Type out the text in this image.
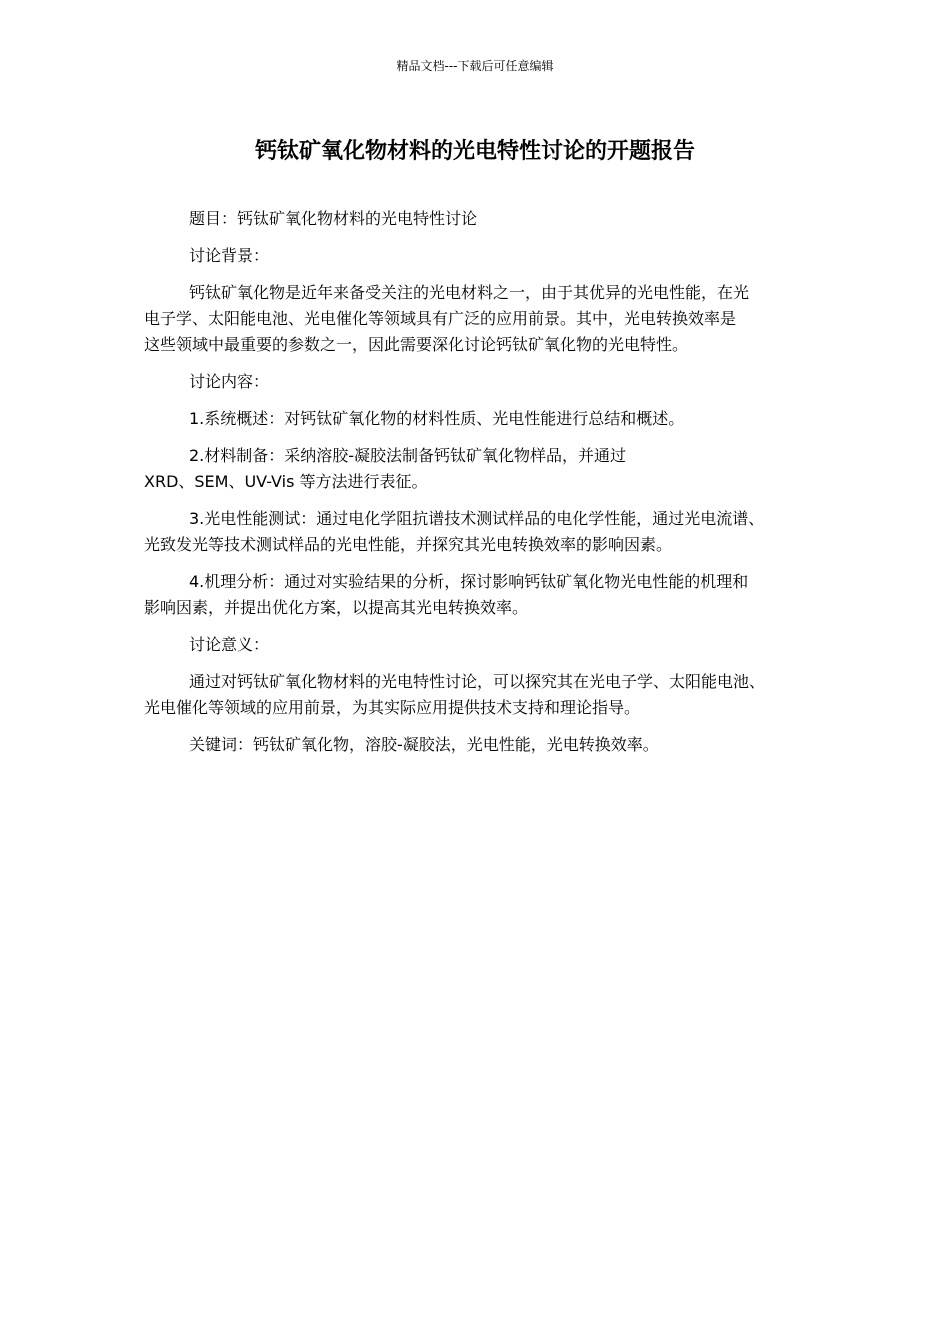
精品文档---下载后可任意编辑
钙钛矿氧化物材料的光电特性讨论的开题报告

题目：钙钛矿氧化物材料的光电特性讨论

讨论背景：

钙钛矿氧化物是近年来备受关注的光电材料之一，由于其优异的光电性能，在光
电子学、太阳能电池、光电催化等领域具有广泛的应用前景。其中，光电转换效率是
这些领域中最重要的参数之一，因此需要深化讨论钙钛矿氧化物的光电特性。

讨论内容：

1.系统概述：对钙钛矿氧化物的材料性质、光电性能进行总结和概述。

2.材料制备：采纳溶胶-凝胶法制备钙钛矿氧化物样品，并通过
XRD、SEM、UV-Vis 等方法进行表征。
3.光电性能测试：通过电化学阻抗谱技术测试样品的电化学性能，通过光电流谱、
光致发光等技术测试样品的光电性能，并探究其光电转换效率的影响因素。
4.机理分析：通过对实验结果的分析，探讨影响钙钛矿氧化物光电性能的机理和
影响因素，并提出优化方案，以提高其光电转换效率。

讨论意义：

通过对钙钛矿氧化物材料的光电特性讨论，可以探究其在光电子学、太阳能电池、
光电催化等领域的应用前景，为其实际应用提供技术支持和理论指导。

关键词：钙钛矿氧化物，溶胶-凝胶法，光电性能，光电转换效率。
